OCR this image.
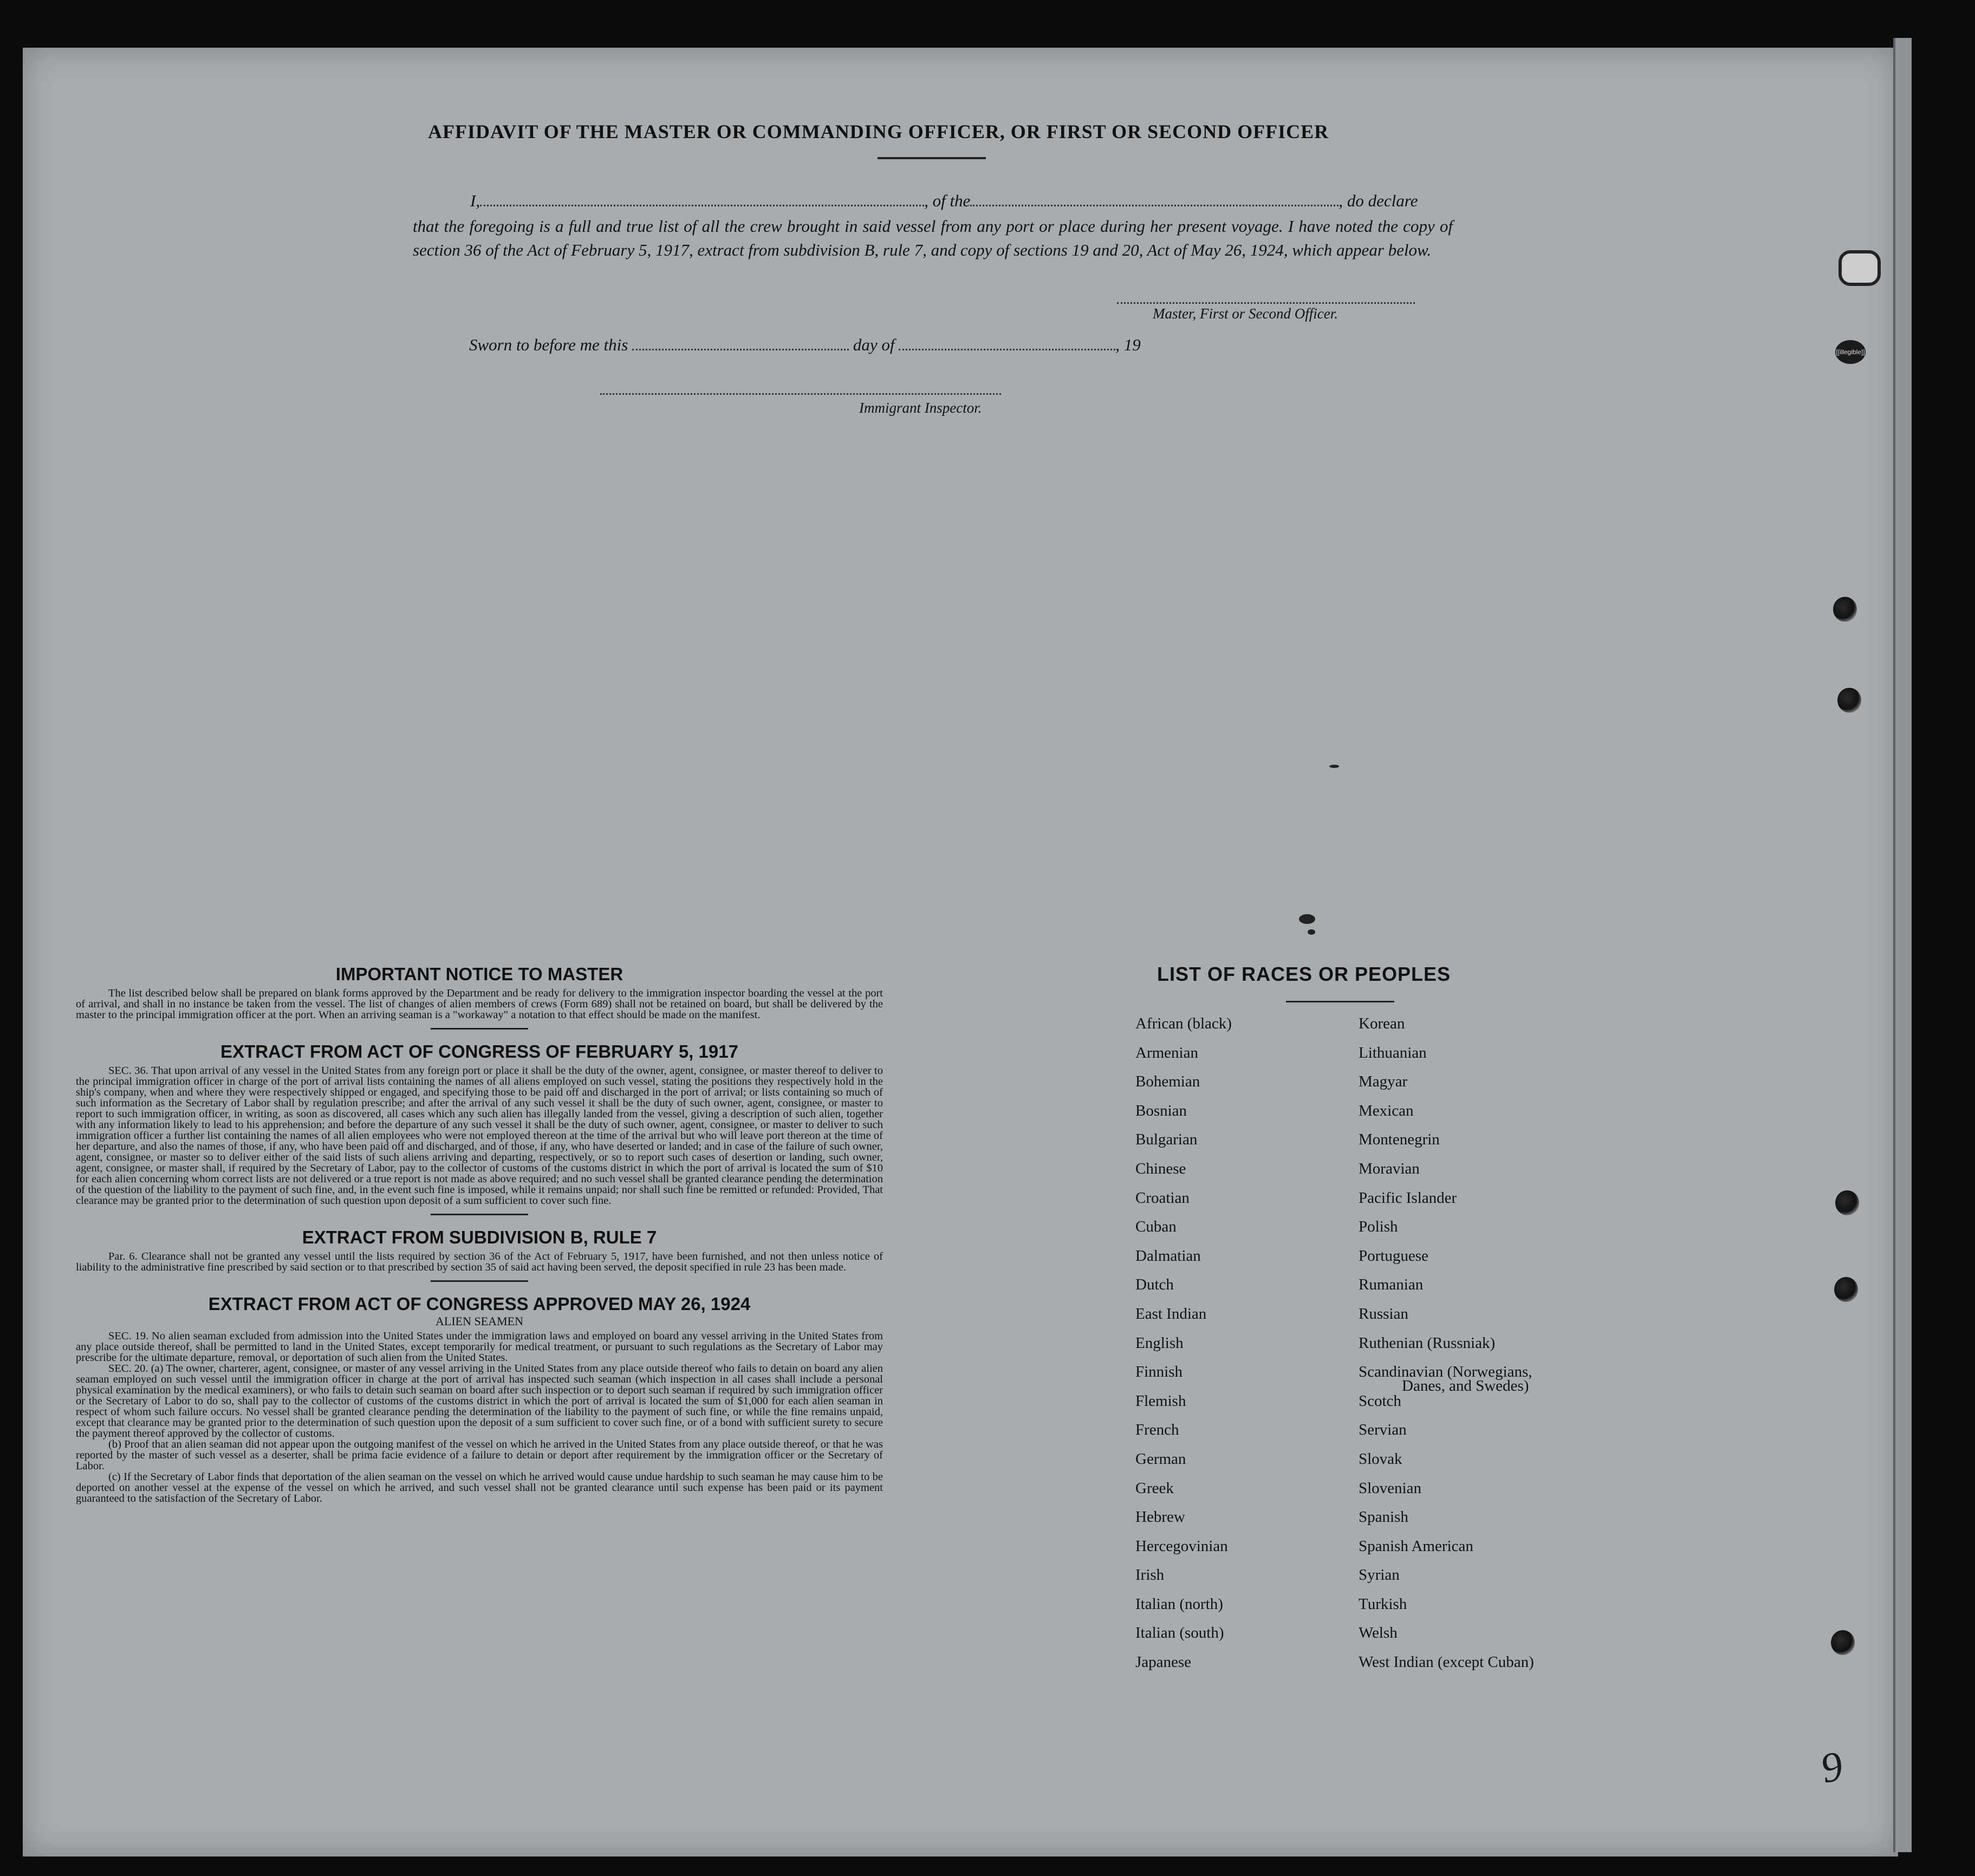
[[illegible]]
AFFIDAVIT OF THE MASTER OR COMMANDING OFFICER, OR FIRST OR SECOND OFFICER
I,	, of the	, do declare
that the foregoing is a full and true list of all the crew brought in said vessel from any port or place during her present voyage. I have noted the copy of section 36 of the Act of February 5, 1917, extract from subdivision B, rule 7, and copy of sections 19 and 20, Act of May 26, 1924, which appear below.
Master, First or Second Officer.
Sworn to before me this	day of	, 19
Immigrant Inspector.
IMPORTANT NOTICE TO MASTER

The list described below shall be prepared on blank forms approved by the Department and be ready for delivery to the immigration inspector boarding the vessel at the port of arrival, and shall in no instance be taken from the vessel. The list of changes of alien members of crews (Form 689) shall not be retained on board, but shall be delivered by the master to the principal immigration officer at the port. When an arriving seaman is a "workaway" a notation to that effect should be made on the manifest.

EXTRACT FROM ACT OF CONGRESS OF FEBRUARY 5, 1917

SEC. 36. That upon arrival of any vessel in the United States from any foreign port or place it shall be the duty of the owner, agent, consignee, or master thereof to deliver to the principal immigration officer in charge of the port of arrival lists containing the names of all aliens employed on such vessel, stating the positions they respectively hold in the ship's company, when and where they were respectively shipped or engaged, and specifying those to be paid off and discharged in the port of arrival; or lists containing so much of such information as the Secretary of Labor shall by regulation prescribe; and after the arrival of any such vessel it shall be the duty of such owner, agent, consignee, or master to report to such immigration officer, in writing, as soon as discovered, all cases which any such alien has illegally landed from the vessel, giving a description of such alien, together with any information likely to lead to his apprehension; and before the departure of any such vessel it shall be the duty of such owner, agent, consignee, or master to deliver to such immigration officer a further list containing the names of all alien employees who were not employed thereon at the time of the arrival but who will leave port thereon at the time of her departure, and also the names of those, if any, who have been paid off and discharged, and of those, if any, who have deserted or landed; and in case of the failure of such owner, agent, consignee, or master so to deliver either of the said lists of such aliens arriving and departing, respectively, or so to report such cases of desertion or landing, such owner, agent, consignee, or master shall, if required by the Secretary of Labor, pay to the collector of customs of the customs district in which the port of arrival is located the sum of $10 for each alien concerning whom correct lists are not delivered or a true report is not made as above required; and no such vessel shall be granted clearance pending the determination of the question of the liability to the payment of such fine, and, in the event such fine is imposed, while it remains unpaid; nor shall such fine be remitted or refunded: Provided, That clearance may be granted prior to the determination of such question upon deposit of a sum sufficient to cover such fine.

EXTRACT FROM SUBDIVISION B, RULE 7

Par. 6. Clearance shall not be granted any vessel until the lists required by section 36 of the Act of February 5, 1917, have been furnished, and not then unless notice of liability to the administrative fine prescribed by said section or to that prescribed by section 35 of said act having been served, the deposit specified in rule 23 has been made.

EXTRACT FROM ACT OF CONGRESS APPROVED MAY 26, 1924

ALIEN SEAMEN

SEC. 19. No alien seaman excluded from admission into the United States under the immigration laws and employed on board any vessel arriving in the United States from any place outside thereof, shall be permitted to land in the United States, except temporarily for medical treatment, or pursuant to such regulations as the Secretary of Labor may prescribe for the ultimate departure, removal, or deportation of such alien from the United States.

SEC. 20. (a) The owner, charterer, agent, consignee, or master of any vessel arriving in the United States from any place outside thereof who fails to detain on board any alien seaman employed on such vessel until the immigration officer in charge at the port of arrival has inspected such seaman (which inspection in all cases shall include a personal physical examination by the medical examiners), or who fails to detain such seaman on board after such inspection or to deport such seaman if required by such immigration officer or the Secretary of Labor to do so, shall pay to the collector of customs of the customs district in which the port of arrival is located the sum of $1,000 for each alien seaman in respect of whom such failure occurs. No vessel shall be granted clearance pending the determination of the liability to the payment of such fine, or while the fine remains unpaid, except that clearance may be granted prior to the determination of such question upon the deposit of a sum sufficient to cover such fine, or of a bond with sufficient surety to secure the payment thereof approved by the collector of customs.

(b) Proof that an alien seaman did not appear upon the outgoing manifest of the vessel on which he arrived in the United States from any place outside thereof, or that he was reported by the master of such vessel as a deserter, shall be prima facie evidence of a failure to detain or deport after requirement by the immigration officer or the Secretary of Labor.

(c) If the Secretary of Labor finds that deportation of the alien seaman on the vessel on which he arrived would cause undue hardship to such seaman he may cause him to be deported on another vessel at the expense of the vessel on which he arrived, and such vessel shall not be granted clearance until such expense has been paid or its payment guaranteed to the satisfaction of the Secretary of Labor.

LIST OF RACES OR PEOPLES
African (black)
Armenian
Bohemian
Bosnian
Bulgarian
Chinese
Croatian
Cuban
Dalmatian
Dutch
East Indian
English
Finnish
Flemish
French
German
Greek
Hebrew
Hercegovinian
Irish
Italian (north)
Italian (south)
Japanese
Korean
Lithuanian
Magyar
Mexican
Montenegrin
Moravian
Pacific Islander
Polish
Portuguese
Rumanian
Russian
Ruthenian (Russniak)
Scandinavian (Norwegians,
Danes, and Swedes)
Scotch
Servian
Slovak
Slovenian
Spanish
Spanish American
Syrian
Turkish
Welsh
West Indian (except Cuban)
9
